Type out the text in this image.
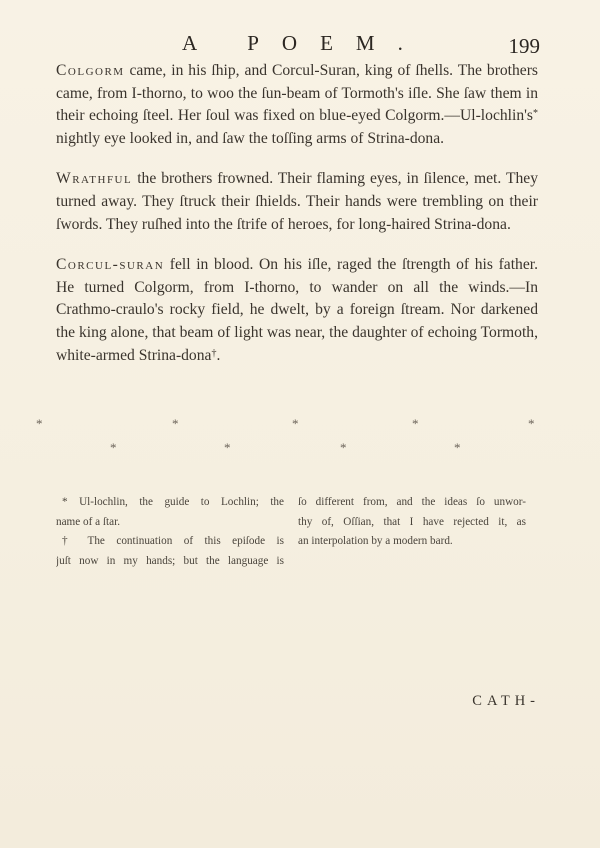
A POEM.	199

Colgorm came, in his ſhip, and Corcul-Suran, king of ſhells. The brothers came, from I-thorno, to woo the ſun-beam of Tormoth's iſle. She ſaw them in their echoing ſteel. Her ſoul was fixed on blue-eyed Colgorm.—Ul-lochlin's* nightly eye looked in, and ſaw the toſſing arms of Strina-dona.

Wrathful the brothers frowned. Their flaming eyes, in ſilence, met. They turned away. They ſtruck their ſhields. Their hands were trembling on their ſwords. They ruſhed into the ſtrife of heroes, for long-haired Strina-dona.

Corcul-suran fell in blood. On his iſle, raged the ſtrength of his father. He turned Colgorm, from I-thorno, to wander on all the winds.—In Crathmo-craulo's rocky field, he dwelt, by a foreign ſtream. Nor darkened the king alone, that beam of light was near, the daughter of echoing Tormoth, white-armed Strina-dona†.

*	*	*	*	*
*	*	*	*
* Ul-lochlin, the guide to Lochlin; the
name of a ſtar.
† The continuation of this epiſode is
juſt now in my hands; but the language is
ſo different from, and the ideas ſo unwor-
thy of, Oſſian, that I have rejected it, as
an interpolation by a modern bard.
CATH-
